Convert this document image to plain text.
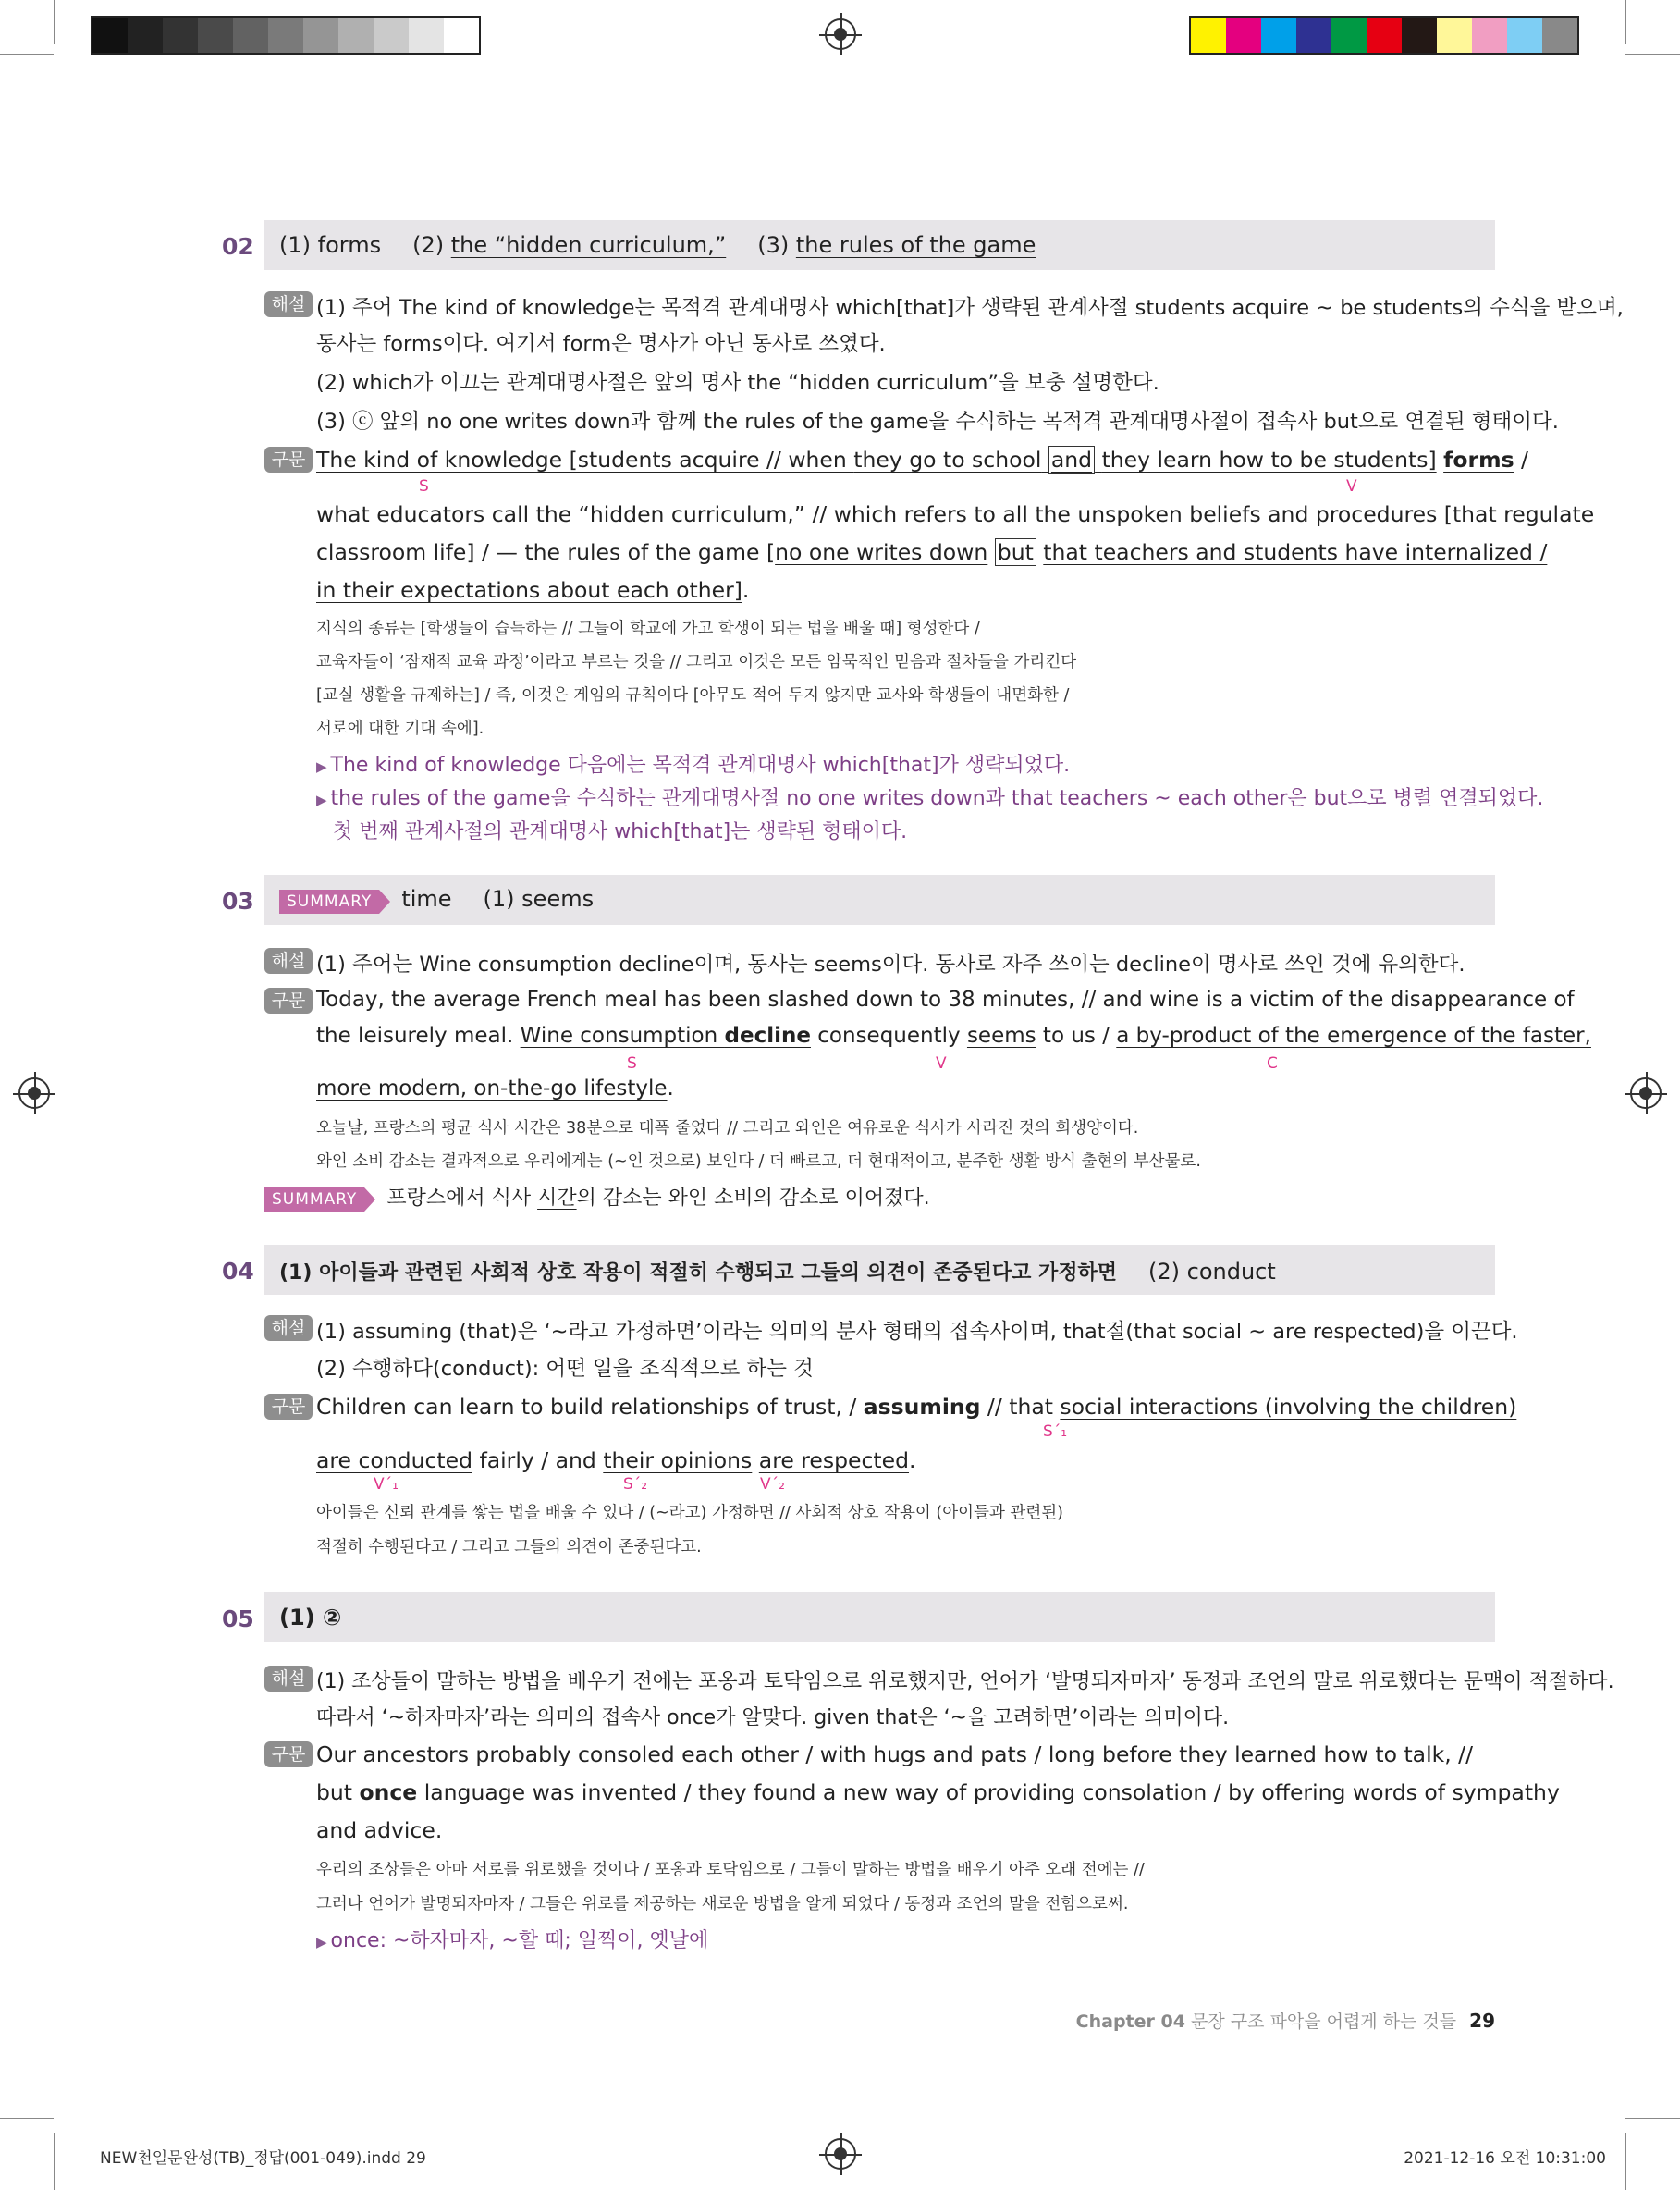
02 (1) forms (2) the “hidden curriculum,” (3) the rules of the game
해설 (1) 주어 The kind of knowledge는 목적격 관계대명사 which[that]가 생략된 관계사절 students acquire ~ be students의 수식을 받으며,
동사는 forms이다. 여기서 form은 명사가 아닌 동사로 쓰였다.
(2) which가 이끄는 관계대명사절은 앞의 명사 the “hidden curriculum”을 보충 설명한다.
(3) ⓒ 앞의 no one writes down과 함께 the rules of the game을 수식하는 목적격 관계대명사절이 접속사 but으로 연결된 형태이다.
구문 The kind of knowledge [students acquire // when they go to school and they learn how to be students] forms /
S	V
what educators call the “hidden curriculum,” // which refers to all the unspoken beliefs and procedures [that regulate
classroom life] / — the rules of the game [no one writes down but that teachers and students have internalized /
in their expectations about each other].
지식의 종류는 [학생들이 습득하는 // 그들이 학교에 가고 학생이 되는 법을 배울 때] 형성한다 /
교육자들이 ‘잠재적 교육 과정’이라고 부르는 것을 // 그리고 이것은 모든 암묵적인 믿음과 절차들을 가리킨다
[교실 생활을 규제하는] / 즉, 이것은 게임의 규칙이다 [아무도 적어 두지 않지만 교사와 학생들이 내면화한 /
서로에 대한 기대 속에].
▶ The kind of knowledge 다음에는 목적격 관계대명사 which[that]가 생략되었다.
▶ the rules of the game을 수식하는 관계대명사절 no one writes down과 that teachers ~ each other은 but으로 병렬 연결되었다.
첫 번째 관계사절의 관계대명사 which[that]는 생략된 형태이다.
03	SUMMARY time (1) seems
해설 (1) 주어는 Wine consumption decline이며, 동사는 seems이다. 동사로 자주 쓰이는 decline이 명사로 쓰인 것에 유의한다.
구문 Today, the average French meal has been slashed down to 38 minutes, // and wine is a victim of the disappearance of
the leisurely meal. Wine consumption decline consequently seems to us / a by-product of the emergence of the faster,
S	V	C
more modern, on-the-go lifestyle.
오늘날, 프랑스의 평균 식사 시간은 38분으로 대폭 줄었다 // 그리고 와인은 여유로운 식사가 사라진 것의 희생양이다.
와인 소비 감소는 결과적으로 우리에게는 (~인 것으로) 보인다 / 더 빠르고, 더 현대적이고, 분주한 생활 방식 출현의 부산물로.
SUMMARY 프랑스에서 식사 시간의 감소는 와인 소비의 감소로 이어졌다.
04 (1) 아이들과 관련된 사회적 상호 작용이 적절히 수행되고 그들의 의견이 존중된다고 가정하면 (2) conduct
해설 (1) assuming (that)은 ‘~라고 가정하면’이라는 의미의 분사 형태의 접속사이며, that절(that social ~ are respected)을 이끈다.
(2) 수행하다(conduct): 어떤 일을 조직적으로 하는 것
구문 Children can learn to build relationships of trust, / assuming // that social interactions (involving the children)
S´₁
are conducted fairly / and their opinions are respected.
V´₁	S´₂	V´₂
아이들은 신뢰 관계를 쌓는 법을 배울 수 있다 / (~라고) 가정하면 // 사회적 상호 작용이 (아이들과 관련된)
적절히 수행된다고 / 그리고 그들의 의견이 존중된다고.
05 (1) ②
해설 (1) 조상들이 말하는 방법을 배우기 전에는 포옹과 토닥임으로 위로했지만, 언어가 ‘발명되자마자’ 동정과 조언의 말로 위로했다는 문맥이 적절하다.
따라서 ‘~하자마자’라는 의미의 접속사 once가 알맞다. given that은 ‘~을 고려하면’이라는 의미이다.
구문 Our ancestors probably consoled each other / with hugs and pats / long before they learned how to talk, //
but once language was invented / they found a new way of providing consolation / by offering words of sympathy
and advice.
우리의 조상들은 아마 서로를 위로했을 것이다 / 포옹과 토닥임으로 / 그들이 말하는 방법을 배우기 아주 오래 전에는 //
그러나 언어가 발명되자마자 / 그들은 위로를 제공하는 새로운 방법을 알게 되었다 / 동정과 조언의 말을 전함으로써.
▶ once: ~하자마자, ~할 때; 일찍이, 옛날에
Chapter 04 문장 구조 파악을 어렵게 하는 것들 29
NEW천일문완성(TB)_정답(001-049).indd 29	2021-12-16 오전 10:31:00
